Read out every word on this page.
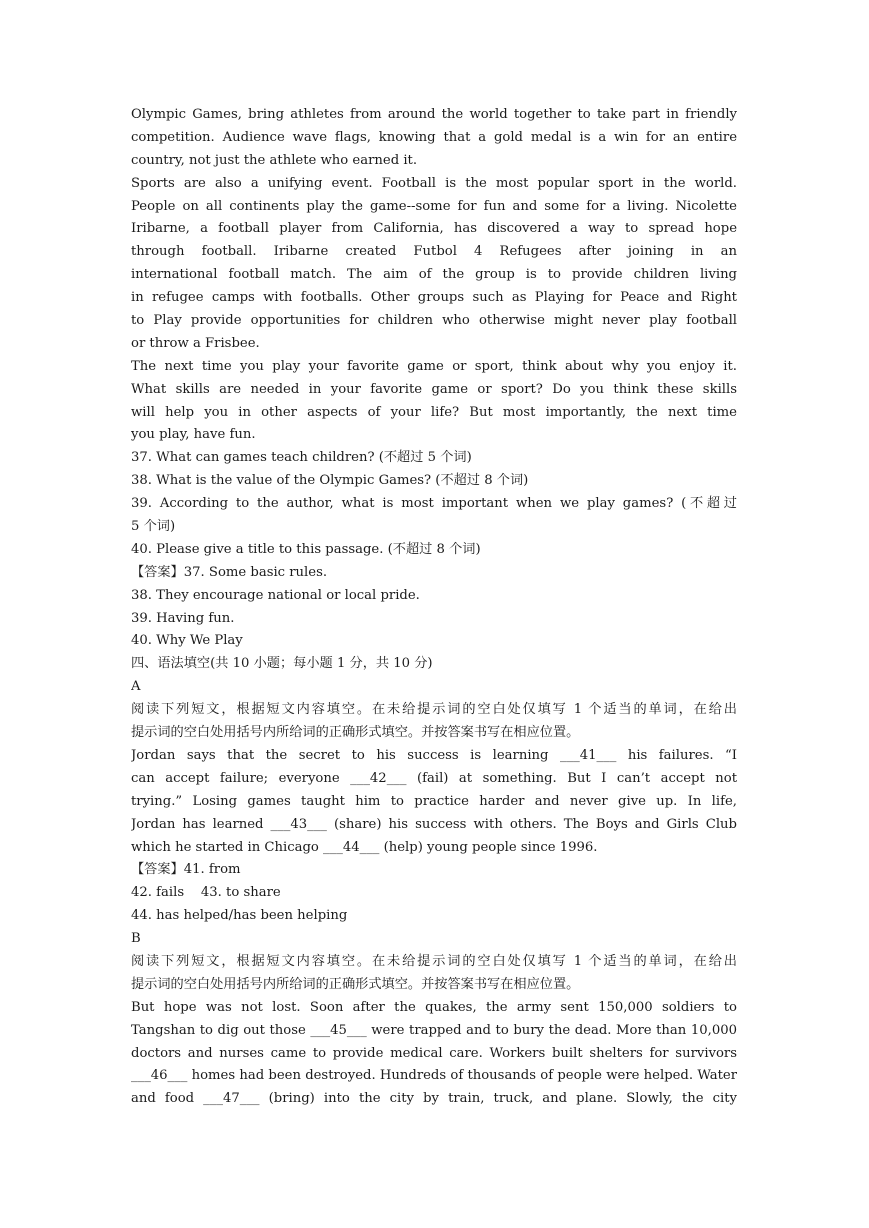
Olympic Games, bring athletes from around the world together to take part in friendly
competition. Audience wave flags, knowing that a gold medal is a win for an entire
country, not just the athlete who earned it.
Sports are also a unifying event. Football is the most popular sport in the world.
People on all continents play the game--some for fun and some for a living. Nicolette
Iribarne, a football player from California, has discovered a way to spread hope
through football. Iribarne created Futbol 4 Refugees after joining in an
international football match. The aim of the group is to provide children living
in refugee camps with footballs. Other groups such as Playing for Peace and Right
to Play provide opportunities for children who otherwise might never play football
or throw a Frisbee.
The next time you play your favorite game or sport, think about why you enjoy it.
What skills are needed in your favorite game or sport? Do you think these skills
will help you in other aspects of your life? But most importantly, the next time
you play, have fun.
37. What can games teach children? (不超过 5 个词)
38. What is the value of the Olympic Games? (不超过 8 个词)
39. According to the author, what is most important when we play games? (不超过
5 个词)
40. Please give a title to this passage. (不超过 8 个词)
【答案】37. Some basic rules.
38. They encourage national or local pride.
39. Having fun.
40. Why We Play
四、语法填空(共 10 小题；每小题 1 分，共 10 分)
A
阅读下列短文，根据短文内容填空。在未给提示词的空白处仅填写 1 个适当的单词，在给出
提示词的空白处用括号内所给词的正确形式填空。并按答案书写在相应位置。
Jordan says that the secret to his success is learning ___41___ his failures. “I
can accept failure; everyone ___42___ (fail) at something. But I can’t accept not
trying.” Losing games taught him to practice harder and never give up. In life,
Jordan has learned ___43___ (share) his success with others. The Boys and Girls Club
which he started in Chicago ___44___ (help) young people since 1996.
【答案】41. from
42. fails    43. to share
44. has helped/has been helping
B
阅读下列短文，根据短文内容填空。在未给提示词的空白处仅填写 1 个适当的单词，在给出
提示词的空白处用括号内所给词的正确形式填空。并按答案书写在相应位置。
But hope was not lost. Soon after the quakes, the army sent 150,000 soldiers to
Tangshan to dig out those ___45___ were trapped and to bury the dead. More than 10,000
doctors and nurses came to provide medical care. Workers built shelters for survivors
___46___ homes had been destroyed. Hundreds of thousands of people were helped. Water
and food ___47___ (bring) into the city by train, truck, and plane. Slowly, the city
